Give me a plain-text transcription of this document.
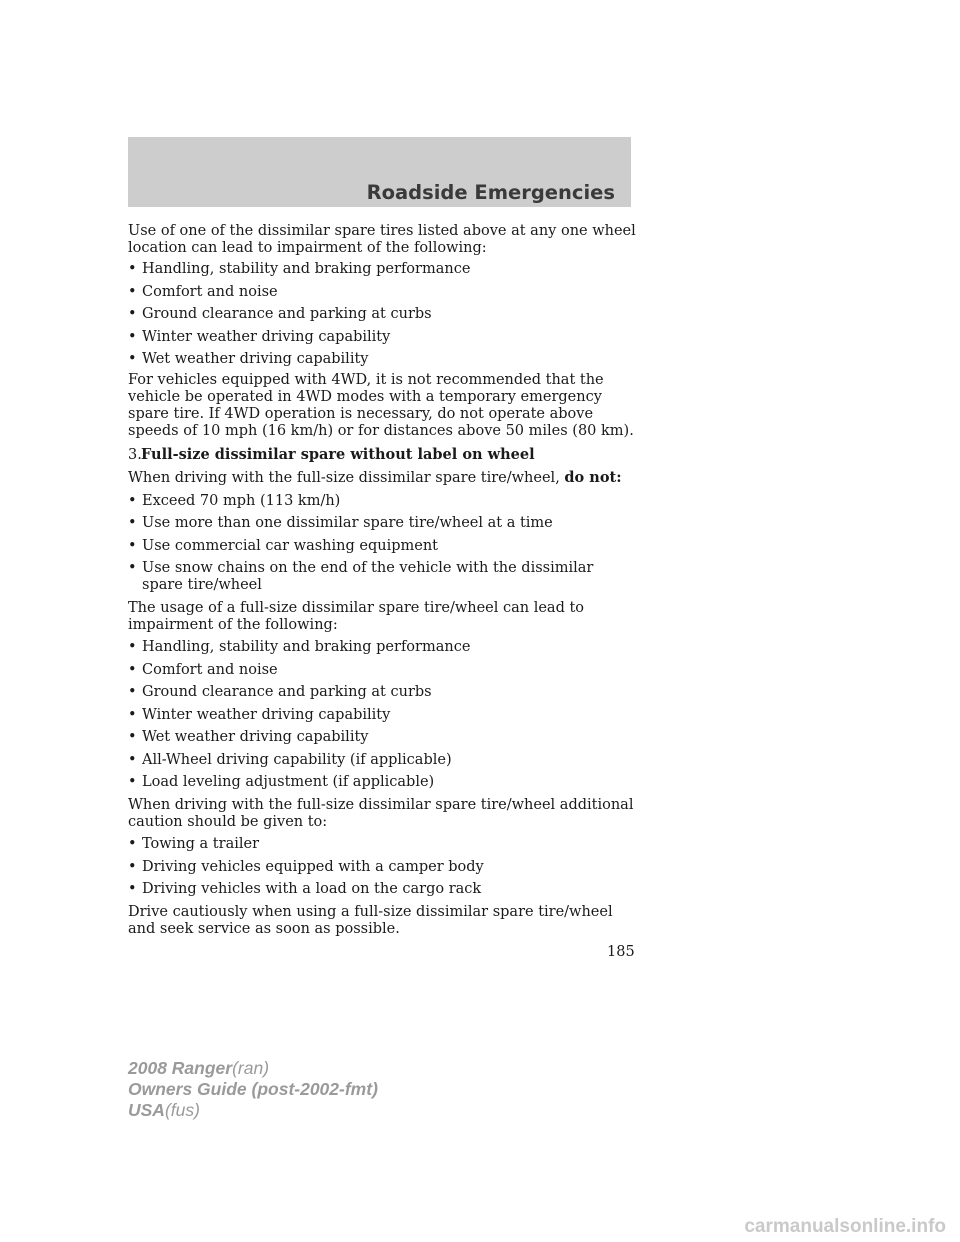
Roadside Emergencies

Use of one of the dissimilar spare tires listed above at any one wheel location can lead to impairment of the following:

• Handling, stability and braking performance
• Comfort and noise
• Ground clearance and parking at curbs
• Winter weather driving capability
• Wet weather driving capability

For vehicles equipped with 4WD, it is not recommended that the vehicle be operated in 4WD modes with a temporary emergency spare tire. If 4WD operation is necessary, do not operate above speeds of 10 mph (16 km/h) or for distances above 50 miles (80 km).

3.Full-size dissimilar spare without label on wheel

When driving with the full-size dissimilar spare tire/wheel, do not:

• Exceed 70 mph (113 km/h)
• Use more than one dissimilar spare tire/wheel at a time
• Use commercial car washing equipment
• Use snow chains on the end of the vehicle with the dissimilar spare tire/wheel

The usage of a full-size dissimilar spare tire/wheel can lead to impairment of the following:

• Handling, stability and braking performance
• Comfort and noise
• Ground clearance and parking at curbs
• Winter weather driving capability
• Wet weather driving capability
• All-Wheel driving capability (if applicable)
• Load leveling adjustment (if applicable)

When driving with the full-size dissimilar spare tire/wheel additional caution should be given to:

• Towing a trailer
• Driving vehicles equipped with a camper body
• Driving vehicles with a load on the cargo rack

Drive cautiously when using a full-size dissimilar spare tire/wheel and seek service as soon as possible.

185
2008 Ranger(ran)
Owners Guide (post-2002-fmt)
USA(fus)
carmanualsonline.info
